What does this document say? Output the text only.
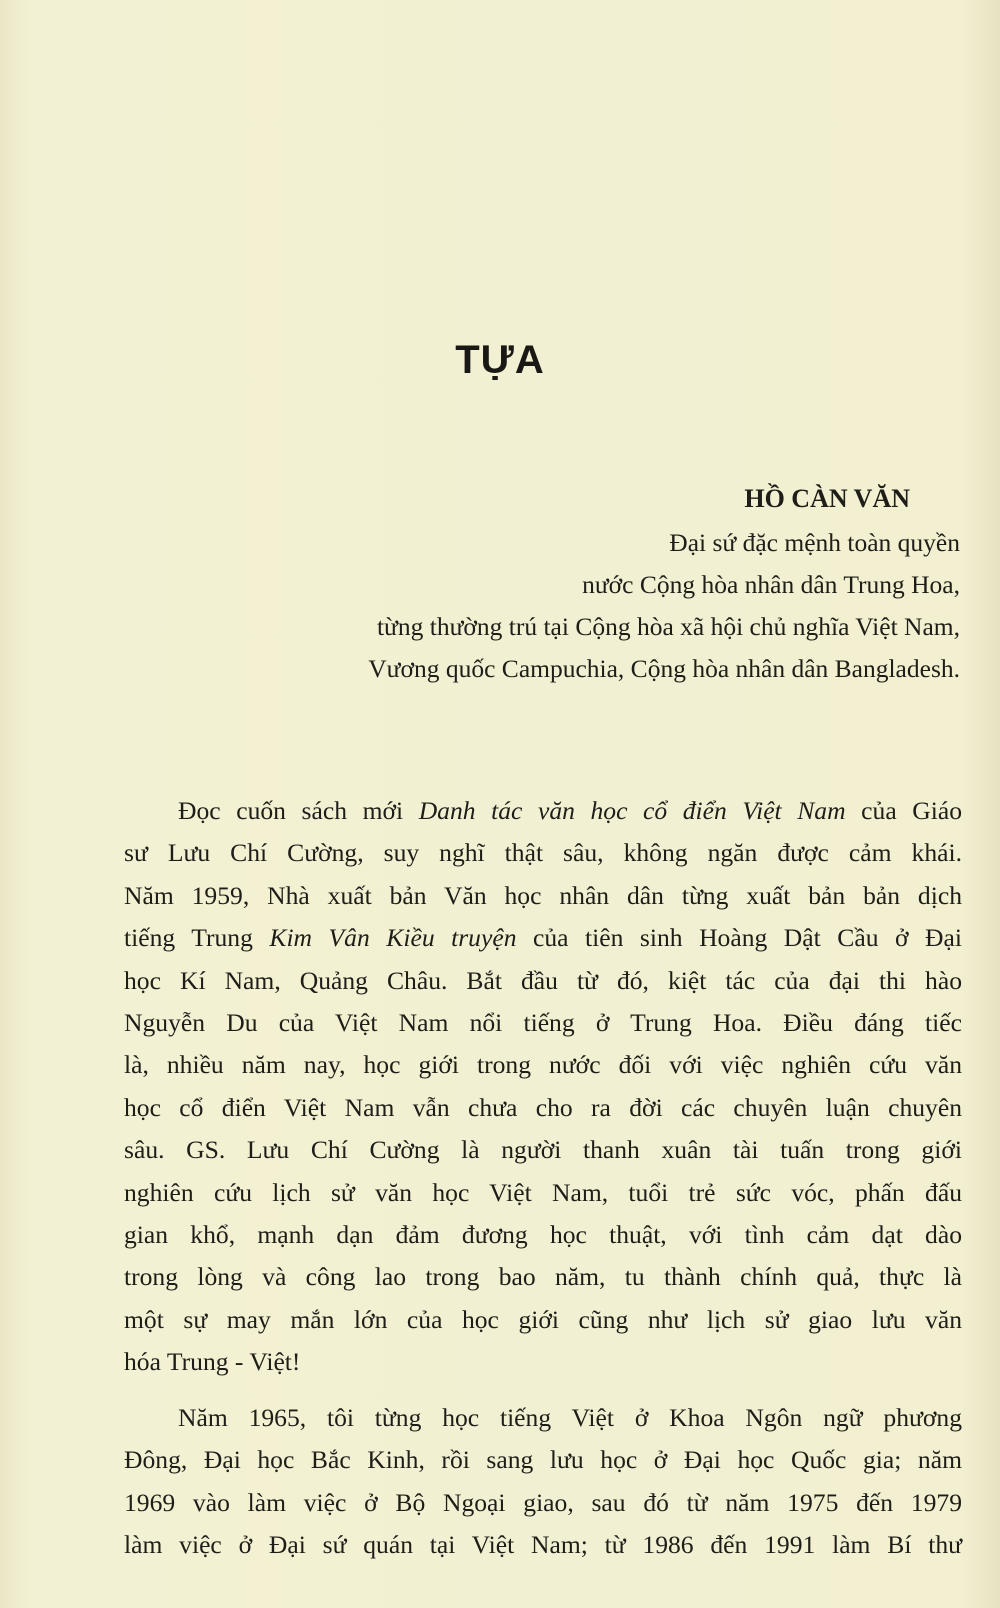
TỰA
HỒ CÀN VĂN
Đại sứ đặc mệnh toàn quyền
nước Cộng hòa nhân dân Trung Hoa,
từng thường trú tại Cộng hòa xã hội chủ nghĩa Việt Nam,
Vương quốc Campuchia, Cộng hòa nhân dân Bangladesh.

Đọc cuốn sách mới Danh tác văn học cổ điển Việt Nam của Giáo
sư Lưu Chí Cường, suy nghĩ thật sâu, không ngăn được cảm khái.
Năm 1959, Nhà xuất bản Văn học nhân dân từng xuất bản bản dịch
tiếng Trung Kim Vân Kiều truyện của tiên sinh Hoàng Dật Cầu ở Đại
học Kí Nam, Quảng Châu. Bắt đầu từ đó, kiệt tác của đại thi hào
Nguyễn Du của Việt Nam nổi tiếng ở Trung Hoa. Điều đáng tiếc
là, nhiều năm nay, học giới trong nước đối với việc nghiên cứu văn
học cổ điển Việt Nam vẫn chưa cho ra đời các chuyên luận chuyên
sâu. GS. Lưu Chí Cường là người thanh xuân tài tuấn trong giới
nghiên cứu lịch sử văn học Việt Nam, tuổi trẻ sức vóc, phấn đấu
gian khổ, mạnh dạn đảm đương học thuật, với tình cảm dạt dào
trong lòng và công lao trong bao năm, tu thành chính quả, thực là
một sự may mắn lớn của học giới cũng như lịch sử giao lưu văn
hóa Trung - Việt!

Năm 1965, tôi từng học tiếng Việt ở Khoa Ngôn ngữ phương
Đông, Đại học Bắc Kinh, rồi sang lưu học ở Đại học Quốc gia; năm
1969 vào làm việc ở Bộ Ngoại giao, sau đó từ năm 1975 đến 1979
làm việc ở Đại sứ quán tại Việt Nam; từ 1986 đến 1991 làm Bí thư
